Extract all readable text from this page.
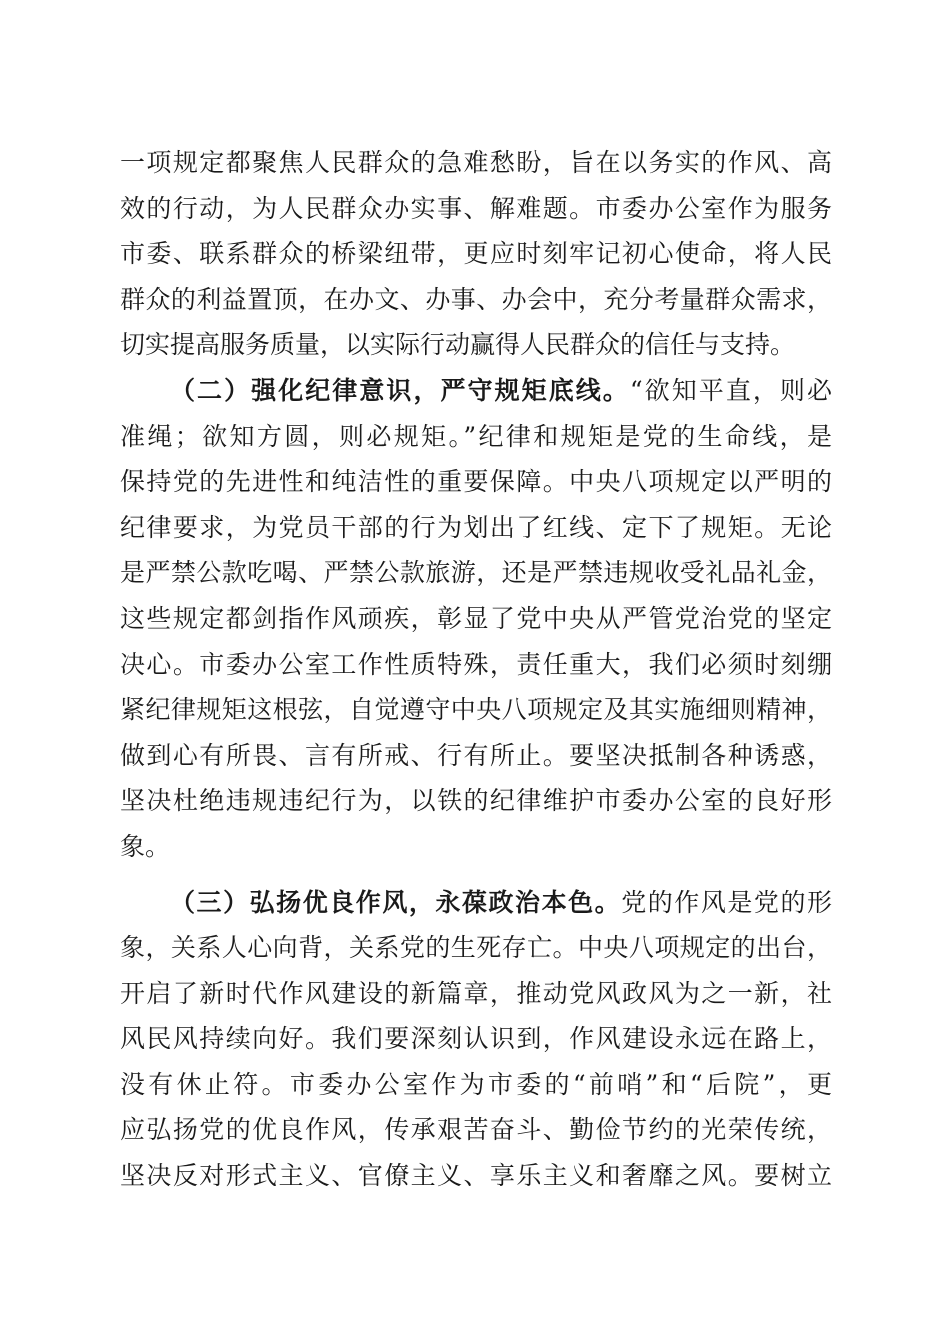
一项规定都聚焦人民群众的急难愁盼，旨在以务实的作风、高
效的行动，为人民群众办实事、解难题。市委办公室作为服务
市委、联系群众的桥梁纽带，更应时刻牢记初心使命，将人民
群众的利益置顶，在办文、办事、办会中，充分考量群众需求，
切实提高服务质量，以实际行动赢得人民群众的信任与支持。
（二）强化纪律意识，严守规矩底线。“欲知平直，则必
准绳；欲知方圆，则必规矩。”纪律和规矩是党的生命线，是
保持党的先进性和纯洁性的重要保障。中央八项规定以严明的
纪律要求，为党员干部的行为划出了红线、定下了规矩。无论
是严禁公款吃喝、严禁公款旅游，还是严禁违规收受礼品礼金，
这些规定都剑指作风顽疾，彰显了党中央从严管党治党的坚定
决心。市委办公室工作性质特殊，责任重大，我们必须时刻绷
紧纪律规矩这根弦，自觉遵守中央八项规定及其实施细则精神，
做到心有所畏、言有所戒、行有所止。要坚决抵制各种诱惑，
坚决杜绝违规违纪行为，以铁的纪律维护市委办公室的良好形
象。
（三）弘扬优良作风，永葆政治本色。党的作风是党的形
象，关系人心向背，关系党的生死存亡。中央八项规定的出台，
开启了新时代作风建设的新篇章，推动党风政风为之一新，社
风民风持续向好。我们要深刻认识到，作风建设永远在路上，
没有休止符。市委办公室作为市委的“前哨”和“后院”，更
应弘扬党的优良作风，传承艰苦奋斗、勤俭节约的光荣传统，
坚决反对形式主义、官僚主义、享乐主义和奢靡之风。要树立
